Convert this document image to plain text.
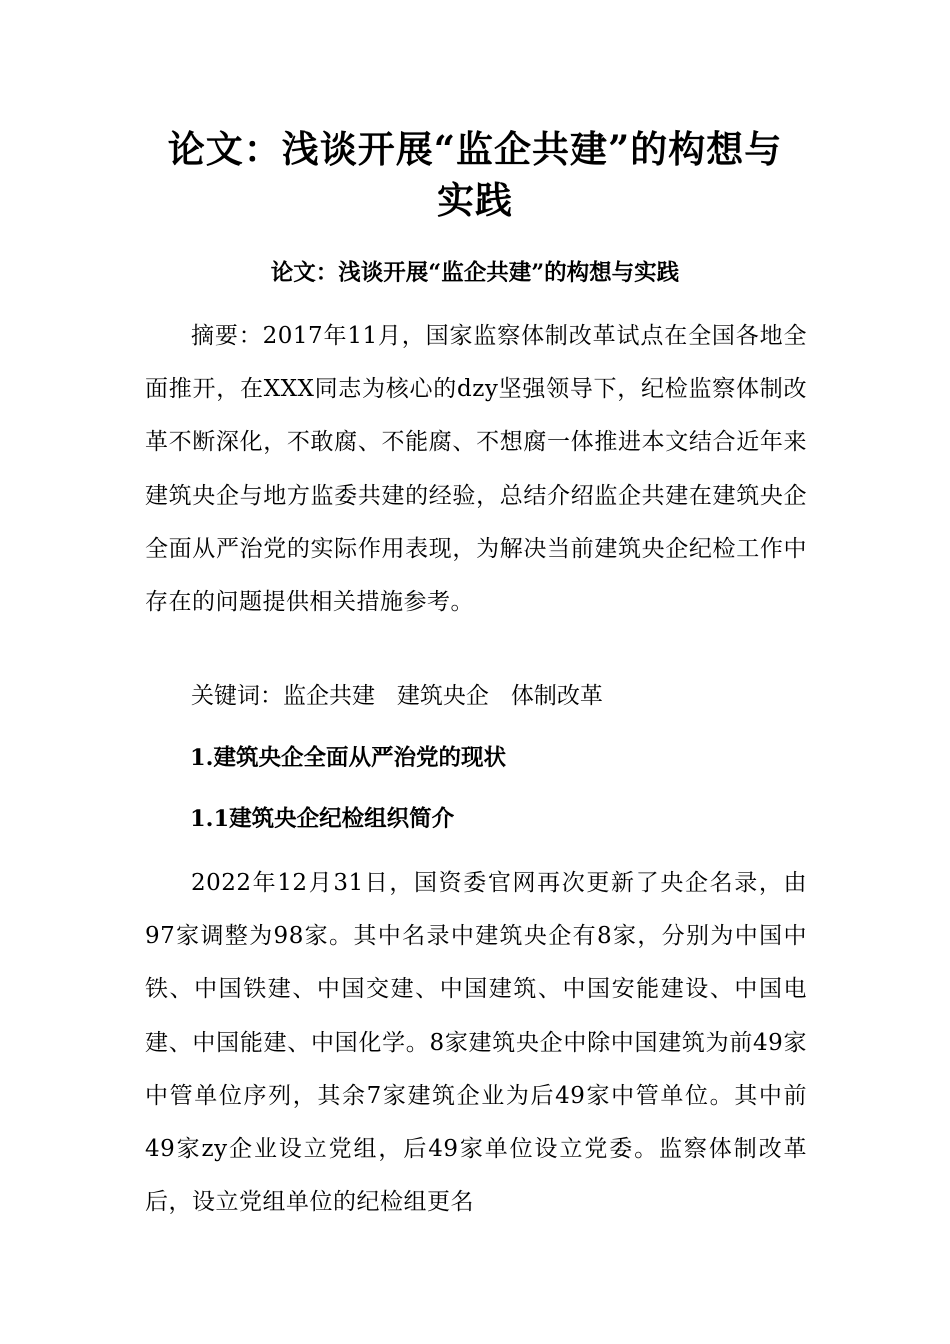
论文：浅谈开展“监企共建”的构想与实践
论文：浅谈开展“监企共建”的构想与实践

摘要：2017年11月，国家监察体制改革试点在全国各地全面推开，在XXX同志为核心的dzy坚强领导下，纪检监察体制改革不断深化，不敢腐、不能腐、不想腐一体推进本文结合近年来建筑央企与地方监委共建的经验，总结介绍监企共建在建筑央企全面从严治党的实际作用表现，为解决当前建筑央企纪检工作中存在的问题提供相关措施参考。

关键词：监企共建   建筑央企   体制改革

1.建筑央企全面从严治党的现状
1.1建筑央企纪检组织简介

2022年12月31日，国资委官网再次更新了央企名录，由97家调整为98家。其中名录中建筑央企有8家，分别为中国中铁、中国铁建、中国交建、中国建筑、中国安能建设、中国电建、中国能建、中国化学。8家建筑央企中除中国建筑为前49家中管单位序列，其余7家建筑企业为后49家中管单位。其中前49家zy企业设立党组，后49家单位设立党委。监察体制改革后，设立党组单位的纪检组更名
